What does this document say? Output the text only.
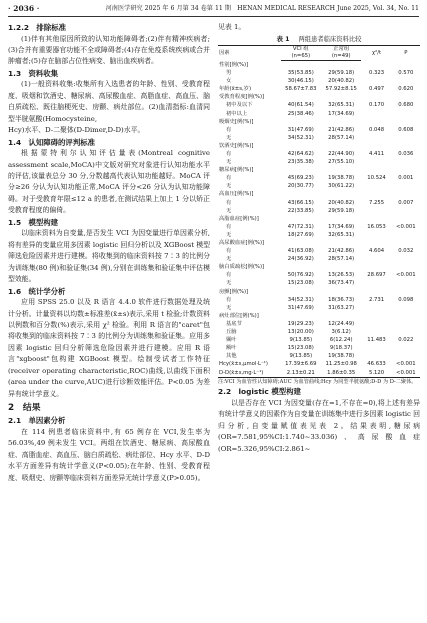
· 2036 ·	河南医学研究 2025 年 6 月第 34 卷第 11 期　HENAN MEDICAL RESEARCH June 2025, Vol. 34, No. 11
1.2.2　排除标准

(1)伴有其他原因所致的认知功能障碍者;(2)伴有精神疾病者;(3)合并有重要器官功能不全或障碍者;(4)存在免疫系统疾病或合并肿瘤者;(5)存在脑部占位性病变、脑出血疾病者。

1.3　资料收集

(1)一般资料收集:收集所有入选患者的年龄、性别、受教育程度、吸烟和饮酒史、糖尿病、高尿酸血症、高脂血症、高血压、脑白质疏松、既往脑梗死史、房颤、病灶部位。(2)血清指标:血清同型半胱氨酸(Homocysteine,

Hcy)水平、D-二聚体(D-Dimer,D-D)水平。

1.4　认知障碍的评判标准

根据蒙特利尔认知评估量表(Montreal cognitive assessment scale,MoCA)中文版对研究对象进行认知功能水平的评估,该量表总分 30 分,分数越高代表认知功能越好。MoCA 评分≥26 分认为认知功能正常,MoCA 评分<26 分认为认知功能障碍。对于受教育年限≤12 a 的患者,在测试结果上加上 1 分以矫正受教育程度的偏倚。

1.5　模型构建

以临床资料为自变量,是否发生 VCI 为因变量进行单因素分析,将有差异的变量应用多因素 logistic 回归分析以及 XGBoost 模型筛选危险因素并进行建模。将收集到的临床资料按 7∶3 的比例分为训练集(80 例)和验证集(34 例),分别在训练集和验证集中评估模型效能。

1.6　统计学分析

应用 SPSS 25.0 以及 R 语言 4.4.0 软件进行数据处理及统计分析。计量资料以均数±标准差(x̄±s)表示,采用 t 检验;计数资料以例数和百分数(%)表示,采用 χ² 检验。利用 R 语言的"caret"包将收集到的临床资料按 7∶3 的比例分为训练集和验证集。应用多因素 logistic 回归分析筛选危险因素并进行建模。应用 R 语言"xgboost"包构建 XGBoost 模型。绘制受试者工作特征(receiver operating characteristic,ROC)曲线,以曲线下面积(area under the curve,AUC)进行诊断效能评估。P<0.05 为差异有统计学意义。

2　结果
2.1　单因素分析

在 114 例患者临床资料中,有 65 例存在 VCI,发生率为 56.03%,49 例未发生 VCI。两组在饮酒史、糖尿病、高尿酸血症、高脂血症、高血压、脑白质疏松、病灶部位、Hcy 水平、D-D 水平方面差异有统计学意义(P<0.05);在年龄、性别、受教育程度、吸烟史、房颤等临床资料方面差异无统计学意义(P>0.05)。

见表 1。

表 1 两组患者临床资料比较
因素	VCI 组	正常组	χ²/t	P
	(n=65)	(n=49)		
性别[例(%)]				
男	35(53.85)	29(59.18)	0.323	0.570
女	30(46.15)	20(40.82)		
年龄(x̄±s,岁)	58.67±7.83	57.92±8.15	0.497	0.620
受教育程度[例(%)]				
初中及以下	40(61.54)	32(65.31)	0.170	0.680
初中以上	25(38.46)	17(34.69)		
吸烟史[例(%)]				
有	31(47.69)	21(42.86)	0.048	0.608
无	34(52.31)	28(57.14)		
饮酒史[例(%)]				
有	42(64.62)	22(44.90)	4.411	0.036
无	23(35.38)	27(55.10)		
糖尿病[例(%)]				
有	45(69.23)	19(38.78)	10.524	0.001
无	20(30.77)	30(61.22)		
高血压[例(%)]				
有	43(66.15)	20(40.82)	7.255	0.007
无	22(33.85)	29(59.18)		
高脂血症[例(%)]				
有	47(72.31)	17(34.69)	16.053	<0.001
无	18(27.69)	32(65.31)		
高尿酸血症[例(%)]				
有	41(63.08)	21(42.86)	4.604	0.032
无	24(36.92)	28(57.14)		
脑白质疏松[例(%)]				
有	50(76.92)	13(26.53)	28.697	<0.001
无	15(23.08)	36(73.47)		
房颤[例(%)]				
有	34(52.31)	18(36.73)	2.731	0.098
无	31(47.69)	31(63.27)		
病灶部位[例(%)]				
基底节	19(29.23)	12(24.49)		
丘脑	13(20.00)	3(6.12)		
颞叶	9(13.85)	6(12.24)	11.483	0.022
额叶	15(23.08)	9(18.37)		
其他	9(13.85)	19(38.78)		
Hcy(x̄±s,μmol·L⁻¹)	17.39±6.69	11.25±0.98	46.633	<0.001
D-D(x̄±s,mg·L⁻¹)	2.13±0.21	1.86±0.35	5.120	<0.001
注:VCI 为血管性认知障碍;AUC 为血管曲线;Hcy 为同型半胱氨酸;D-D 为 D-二聚体。
2.2　logistic 模型构建

以是否存在 VCI 为因变量(存在=1,不存在=0),将上述有差异有统计学意义的因素作为自变量在训练集中进行多因素 logistic 回归分析,自变量赋值表见表 2。结果表明,糖尿病(OR=7.581,95%CI:1.740~33.036)、高尿酸血症(OR=5.326,95%CI:2.861~
